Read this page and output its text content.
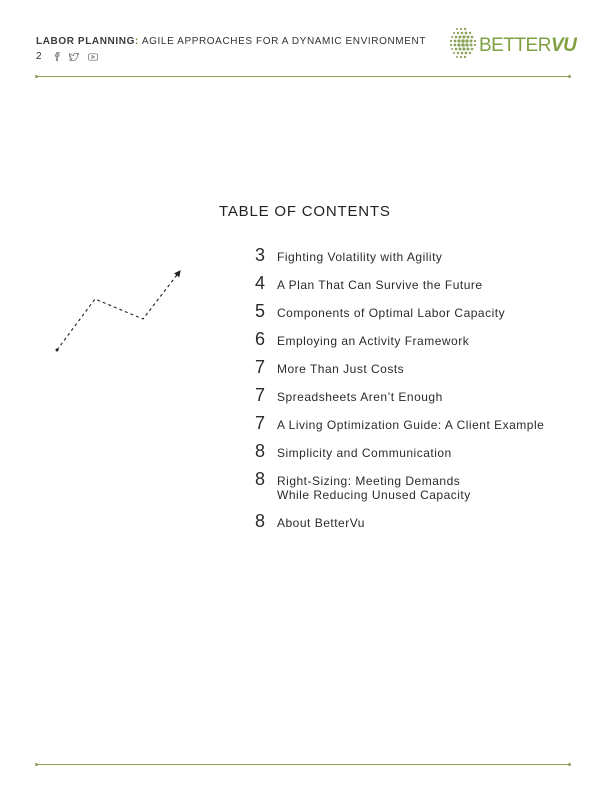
LABOR PLANNING: AGILE APPROACHES FOR A DYNAMIC ENVIRONMENT
2
BETTERVU
TABLE OF CONTENTS
3 Fighting Volatility with Agility
4 A Plan That Can Survive the Future
5 Components of Optimal Labor Capacity
6 Employing an Activity Framework
7 More Than Just Costs
7 Spreadsheets Aren’t Enough
7 A Living Optimization Guide: A Client Example
8 Simplicity and Communication
8 Right-Sizing: Meeting Demands
While Reducing Unused Capacity
8 About BetterVu
